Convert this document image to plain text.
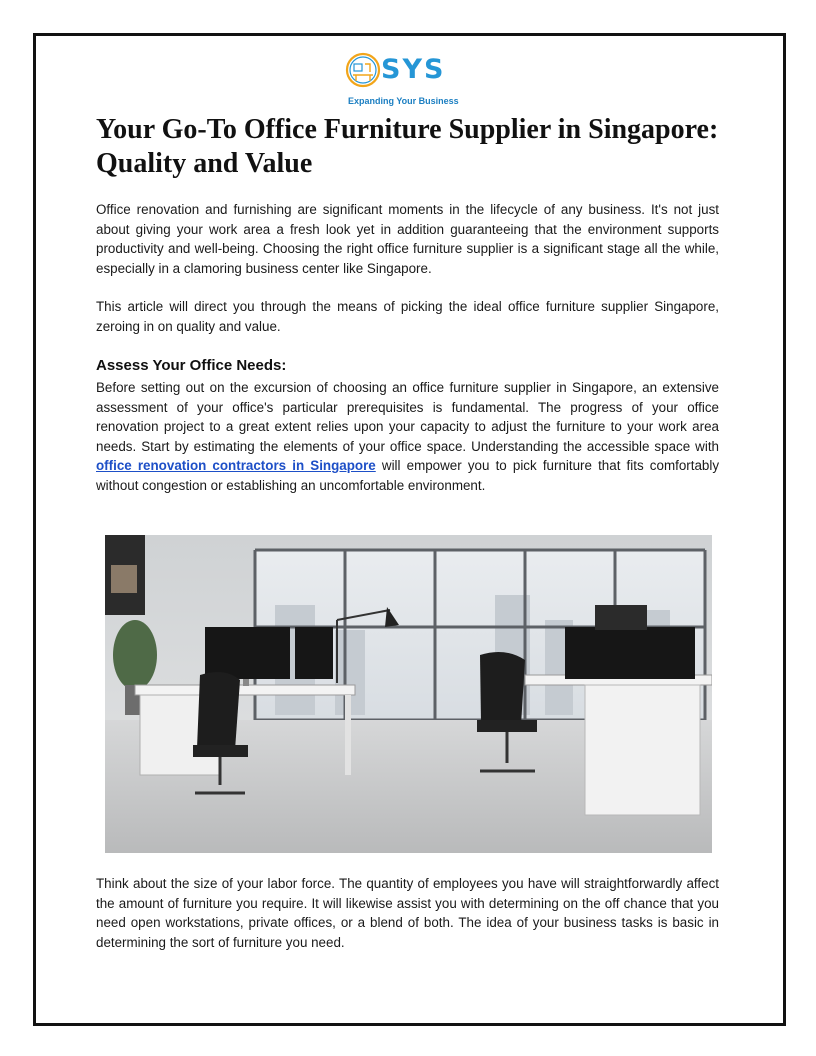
SYS
Expanding Your Business
Your Go-To Office Furniture Supplier in Singapore: Quality and Value

Office renovation and furnishing are significant moments in the lifecycle of any business. It's not just about giving your work area a fresh look yet in addition guaranteeing that the environment supports productivity and well-being. Choosing the right office furniture supplier is a significant stage all the while, especially in a clamoring business center like Singapore.

This article will direct you through the means of picking the ideal office furniture supplier Singapore, zeroing in on quality and value.

Assess Your Office Needs:

Before setting out on the excursion of choosing an office furniture supplier in Singapore, an extensive assessment of your office's particular prerequisites is fundamental. The progress of your office renovation project to a great extent relies upon your capacity to adjust the furniture to your work area needs. Start by estimating the elements of your office space. Understanding the accessible space with office renovation contractors in Singapore will empower you to pick furniture that fits comfortably without congestion or establishing an uncomfortable environment.

Think about the size of your labor force. The quantity of employees you have will straightforwardly affect the amount of furniture you require. It will likewise assist you with determining on the off chance that you need open workstations, private offices, or a blend of both. The idea of your business tasks is basic in determining the sort of furniture you need.
